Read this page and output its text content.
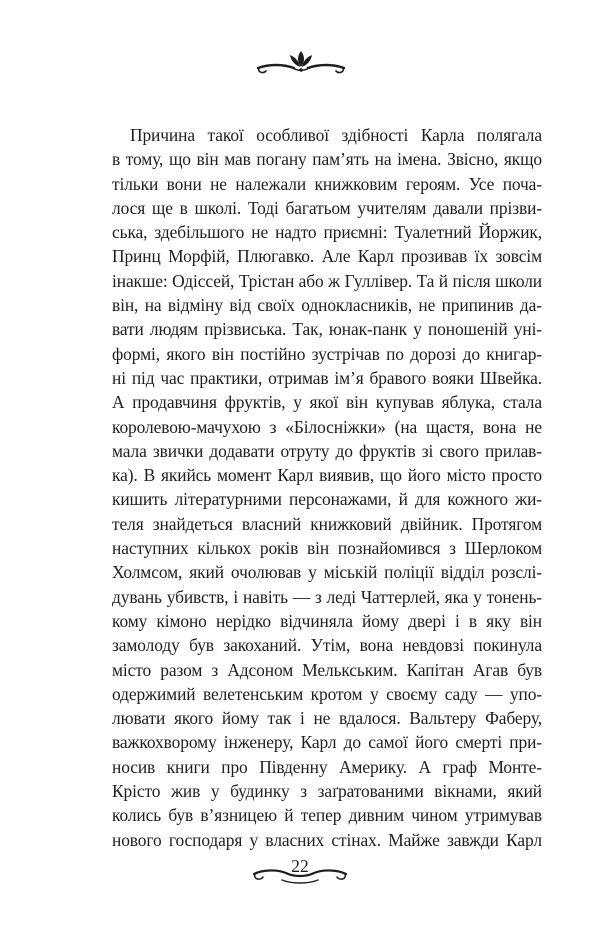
Причина такої особливої здібності Карла полягала
в тому, що він мав погану пам’ять на імена. Звісно, якщо
тільки вони не належали книжковим героям. Усе поча-
лося ще в школі. Тоді багатьом учителям давали прізви-
ська, здебільшого не надто приємні: Туалетний Йоржик,
Принц Морфій, Плюгавко. Але Карл прозивав їх зовсім
інакше: Одіссей, Трістан або ж Гуллівер. Та й після школи
він, на відміну від своїх однокласників, не припинив да-
вати людям прізвиська. Так, юнак-панк у поношеній уні-
формі, якого він постійно зустрічав по дорозі до книгар-
ні під час практики, отримав ім’я бравого вояки Швейка.
А продавчиня фруктів, у якої він купував яблука, стала
королевою-мачухою з «Білосніжки» (на щастя, вона не
мала звички додавати отруту до фруктів зі свого прилав-
ка). В якийсь момент Карл виявив, що його місто просто
кишить літературними персонажами, й для кожного жи-
теля знайдеться власний книжковий двійник. Протягом
наступних кількох років він познайомився з Шерлоком
Холмсом, який очолював у міській поліції відділ розслі-
дувань убивств, і навіть — з леді Чаттерлей, яка у тонень-
кому кімоно нерідко відчиняла йому двері і в яку він
замолоду був закоханий. Утім, вона невдовзі покинула
місто разом з Адсоном Мелькським. Капітан Агав був
одержимий велетенським кротом у своєму саду — упо-
лювати якого йому так і не вдалося. Вальтеру Фаберу,
важкохворому інженеру, Карл до самої його смерті при-
носив книги про Південну Америку. А граф Монте-
Крісто жив у будинку з заґратованими вікнами, який
колись був в’язницею й тепер дивним чином утримував
нового господаря у власних стінах. Майже завжди Карл
22
